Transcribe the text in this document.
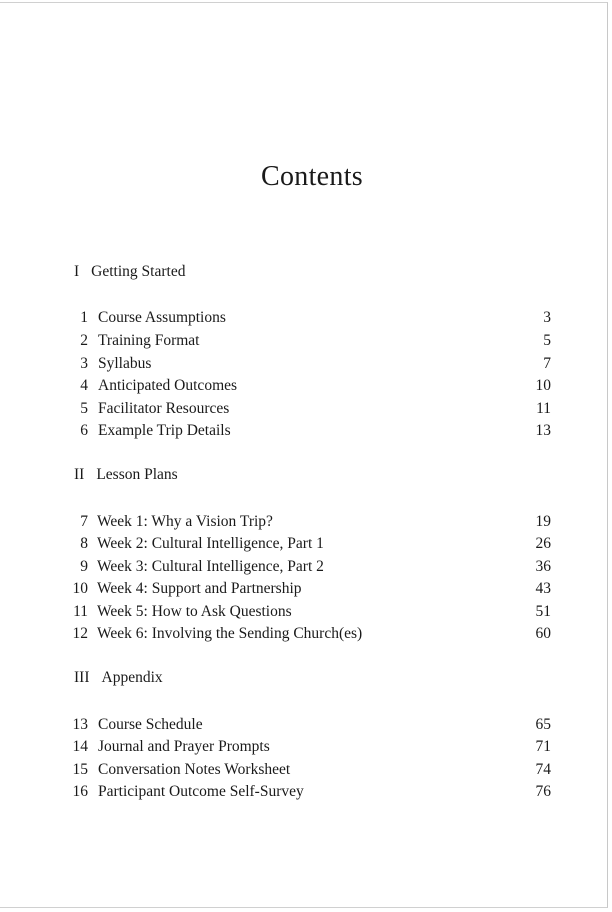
Contents
I Getting Started
1 Course Assumptions	3
2 Training Format	5
3 Syllabus	7
4 Anticipated Outcomes	10
5 Facilitator Resources	11
6 Example Trip Details	13
II Lesson Plans
7 Week 1: Why a Vision Trip?	19
8 Week 2: Cultural Intelligence, Part 1	26
9 Week 3: Cultural Intelligence, Part 2	36
10 Week 4: Support and Partnership	43
11 Week 5: How to Ask Questions	51
12 Week 6: Involving the Sending Church(es)	60
III Appendix
13 Course Schedule	65
14 Journal and Prayer Prompts	71
15 Conversation Notes Worksheet	74
16 Participant Outcome Self-Survey	76
